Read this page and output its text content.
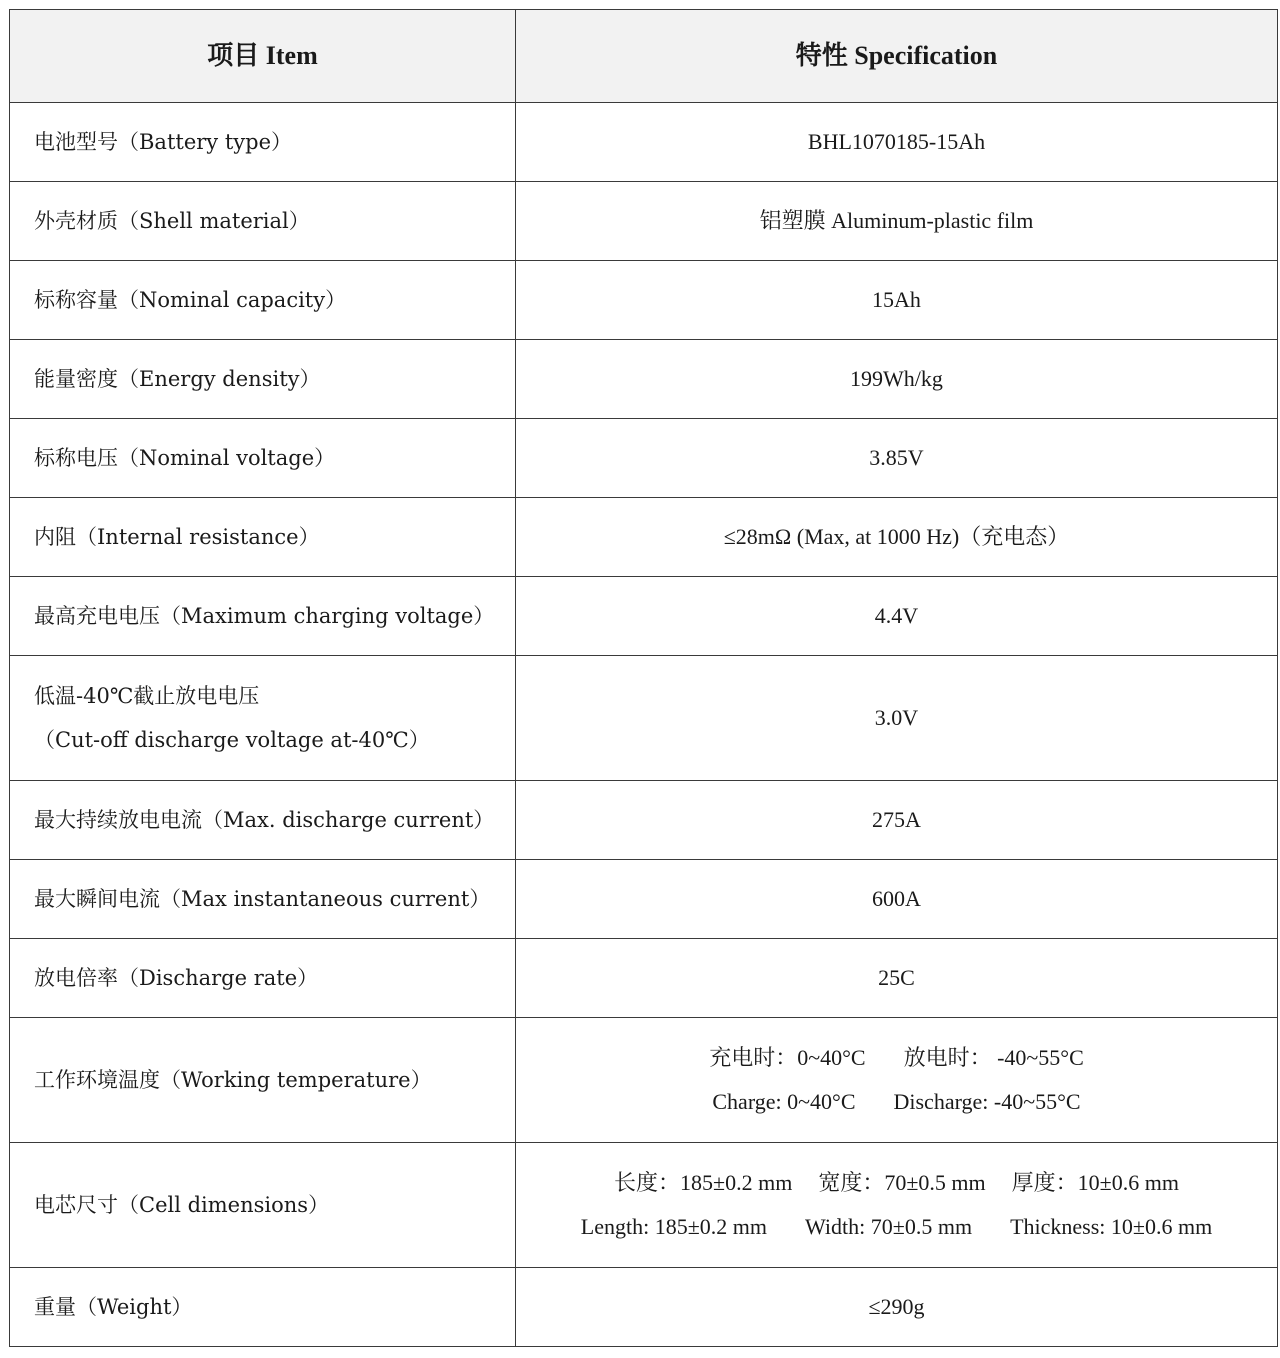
项目 Item	特性 Specification
电池型号（Battery type）	BHL1070185-15Ah
外壳材质（Shell material）	铝塑膜 Aluminum-plastic film
标称容量（Nominal capacity）	15Ah
能量密度（Energy density）	199Wh/kg
标称电压（Nominal voltage）	3.85V
内阻（Internal resistance）	≤28mΩ (Max, at 1000 Hz)（充电态）
最高充电电压（Maximum charging voltage）	4.4V

低温-40℃截止放电电压
（Cut-off discharge voltage at-40℃）	3.0V
最大持续放电电流（Max. discharge current）	275A
最大瞬间电流（Max instantaneous current）	600A
放电倍率（Discharge rate）	25C
工作环境温度（Working temperature）	充电时：0~40°C 放电时： -40~55°C
Charge: 0~40°C Discharge: -40~55°C

电芯尺寸（Cell dimensions）	长度：185±0.2 mm 宽度：70±0.5 mm 厚度：10±0.6 mm
Length: 185±0.2 mm Width: 70±0.5 mm Thickness: 10±0.6 mm

重量（Weight）	≤290g
